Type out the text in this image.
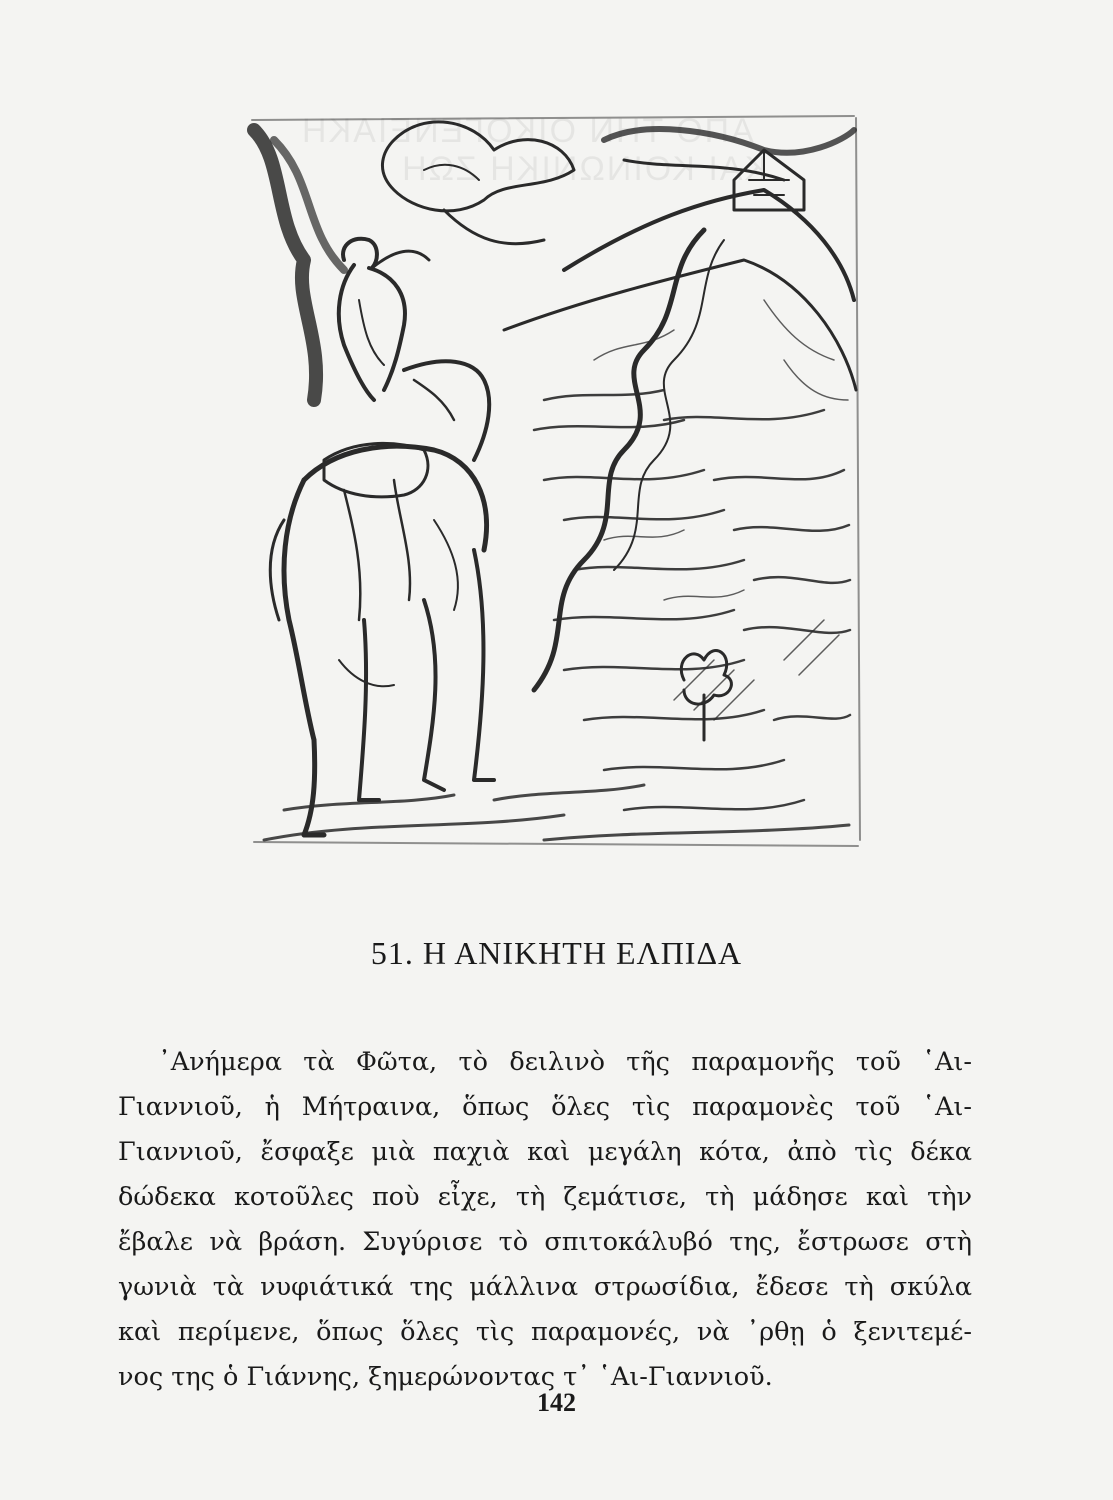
ΑΠΟ ΤΗΝ ΟΙΚΟΓΕΝΕΙΑΚΗ
ΚΑΙ ΚΟΙΝΩΝΙΚΗ ΖΩΗ
51. Η ΑΝΙΚΗΤΗ ΕΛΠΙΔΑ
᾿Ανήμερα τὰ Φῶτα, τὸ δειλινὸ τῆς παραμονῆς τοῦ ῾Αι-
Γιαννιοῦ, ἡ Μήτραινα, ὅπως ὅλες τὶς παραμονὲς τοῦ ῾Αι-
Γιαννιοῦ, ἔσφαξε μιὰ παχιὰ καὶ μεγάλη κότα, ἀπὸ τὶς δέκα
δώδεκα κοτοῦλες ποὺ εἶχε, τὴ ζεμάτισε, τὴ μάδησε καὶ τὴν
ἔβαλε νὰ βράση. Συγύρισε τὸ σπιτοκάλυβό της, ἔστρωσε στὴ
γωνιὰ τὰ νυφιάτικά της μάλλινα στρωσίδια, ἔδεσε τὴ σκύλα
καὶ περίμενε, ὅπως ὅλες τὶς παραμονές, νὰ ᾿ρθῃ ὁ ξενιτεμέ-
νος της ὁ Γιάννης, ξημερώνοντας τ᾿ ῾Αι-Γιαννιοῦ.
142
